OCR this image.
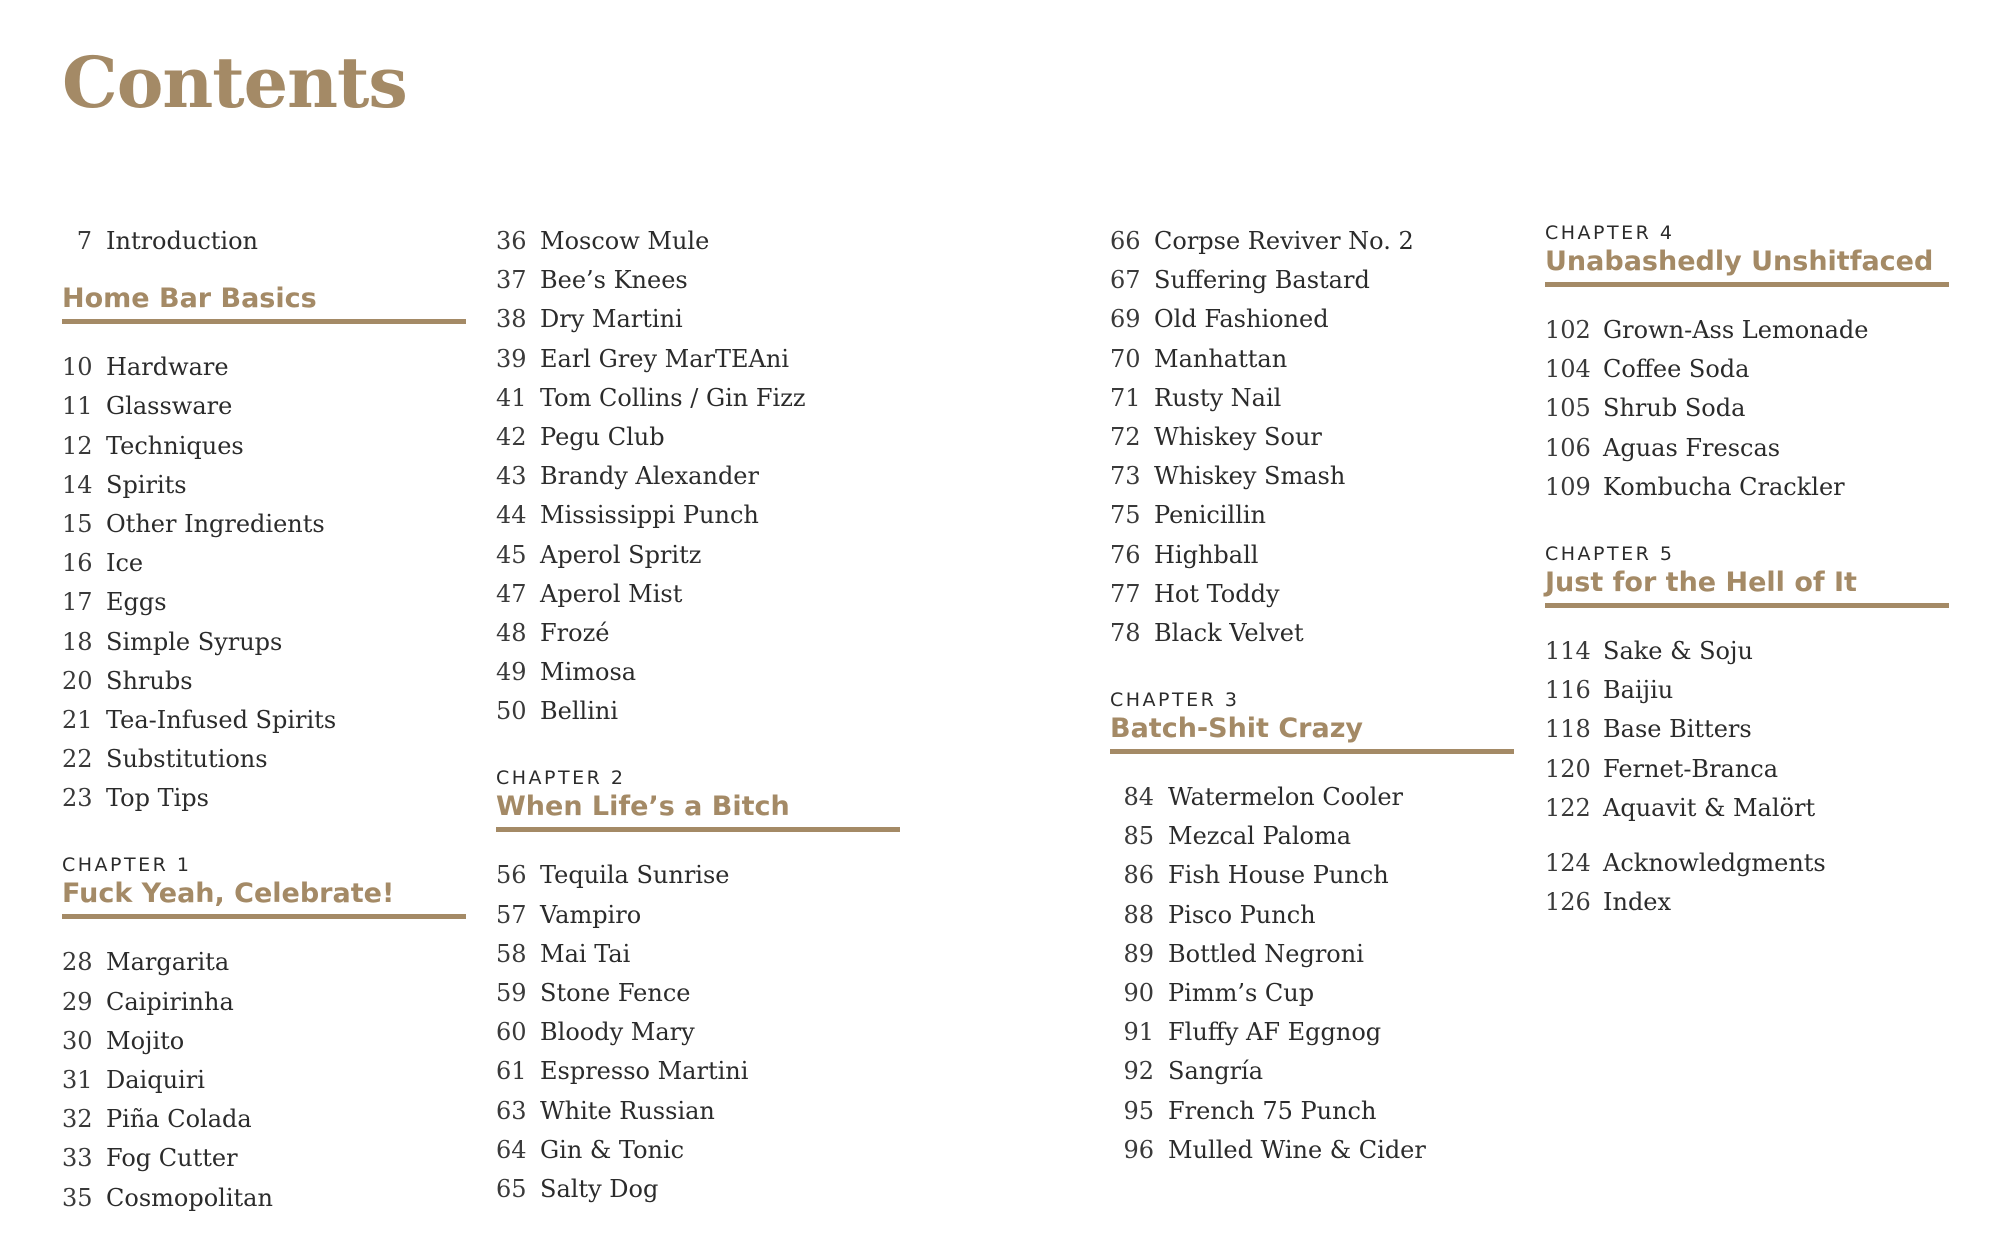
Contents
7 Introduction
Home Bar Basics
10 Hardware
11 Glassware
12 Techniques
14 Spirits
15 Other Ingredients
16 Ice
17 Eggs
18 Simple Syrups
20 Shrubs
21 Tea-Infused Spirits
22 Substitutions
23 Top Tips
CHAPTER 1
Fuck Yeah, Celebrate!
28 Margarita
29 Caipirinha
30 Mojito
31 Daiquiri
32 Piña Colada
33 Fog Cutter
35 Cosmopolitan
36 Moscow Mule
37 Bee’s Knees
38 Dry Martini
39 Earl Grey MarTEAni
41 Tom Collins / Gin Fizz
42 Pegu Club
43 Brandy Alexander
44 Mississippi Punch
45 Aperol Spritz
47 Aperol Mist
48 Frozé
49 Mimosa
50 Bellini
CHAPTER 2
When Life’s a Bitch
56 Tequila Sunrise
57 Vampiro
58 Mai Tai
59 Stone Fence
60 Bloody Mary
61 Espresso Martini
63 White Russian
64 Gin & Tonic
65 Salty Dog
66 Corpse Reviver No. 2
67 Suffering Bastard
69 Old Fashioned
70 Manhattan
71 Rusty Nail
72 Whiskey Sour
73 Whiskey Smash
75 Penicillin
76 Highball
77 Hot Toddy
78 Black Velvet
CHAPTER 3
Batch-Shit Crazy
84 Watermelon Cooler
85 Mezcal Paloma
86 Fish House Punch
88 Pisco Punch
89 Bottled Negroni
90 Pimm’s Cup
91 Fluffy AF Eggnog
92 Sangría
95 French 75 Punch
96 Mulled Wine & Cider
CHAPTER 4
Unabashedly Unshitfaced
102 Grown-Ass Lemonade
104 Coffee Soda
105 Shrub Soda
106 Aguas Frescas
109 Kombucha Crackler
CHAPTER 5
Just for the Hell of It
114 Sake & Soju
116 Baijiu
118 Base Bitters
120 Fernet-Branca
122 Aquavit & Malört
124 Acknowledgments
126 Index
